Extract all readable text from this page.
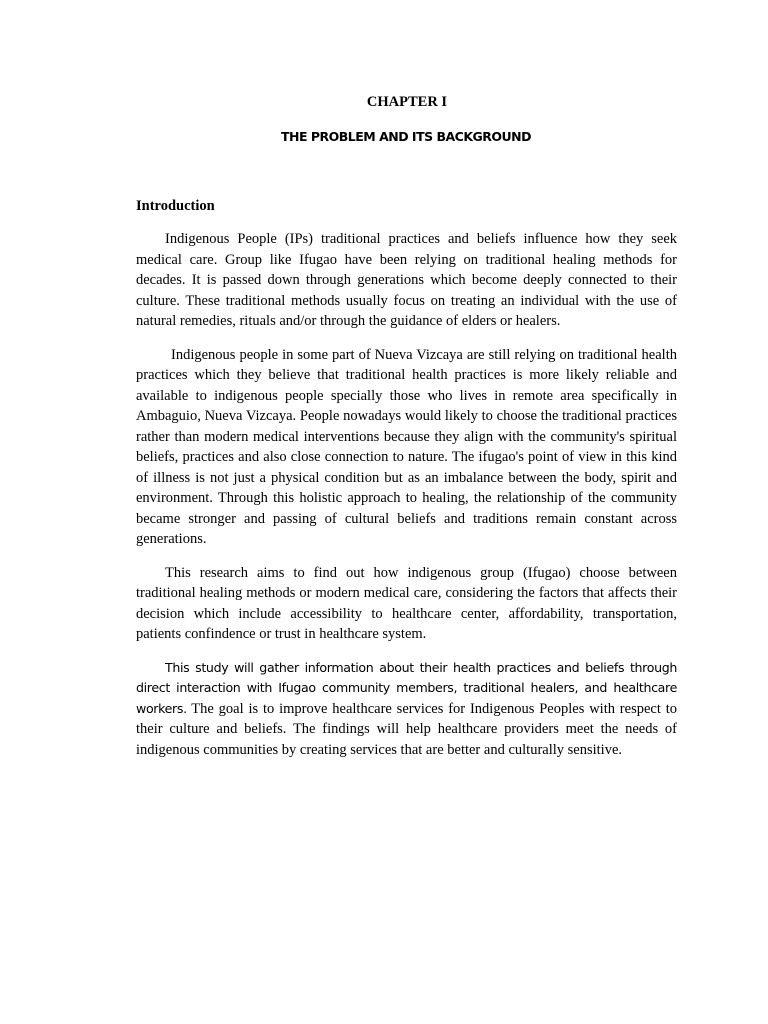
CHAPTER I
THE PROBLEM AND ITS BACKGROUND
Introduction

Indigenous People (IPs) traditional practices and beliefs influence how they seek medical care. Group like Ifugao have been relying on traditional healing methods for decades. It is passed down through generations which become deeply connected to their culture. These traditional methods usually focus on treating an individual with the use of natural remedies, rituals and/or through the guidance of elders or healers.

Indigenous people in some part of Nueva Vizcaya are still relying on traditional health practices which they believe that traditional health practices is more likely reliable and available to indigenous people specially those who lives in remote area specifically in Ambaguio, Nueva Vizcaya. People nowadays would likely to choose the traditional practices rather than modern medical interventions because they align with the community's spiritual beliefs, practices and also close connection to nature. The ifugao's point of view in this kind of illness is not just a physical condition but as an imbalance between the body, spirit and environment. Through this holistic approach to healing, the relationship of the community became stronger and passing of cultural beliefs and traditions remain constant across generations.

This research aims to find out how indigenous group (Ifugao) choose between traditional healing methods or modern medical care, considering the factors that affects their decision which include accessibility to healthcare center, affordability, transportation, patients confindence or trust in healthcare system.

This study will gather information about their health practices and beliefs through direct interaction with Ifugao community members, traditional healers, and healthcare workers. The goal is to improve healthcare services for Indigenous Peoples with respect to their culture and beliefs. The findings will help healthcare providers meet the needs of indigenous communities by creating services that are better and culturally sensitive.
